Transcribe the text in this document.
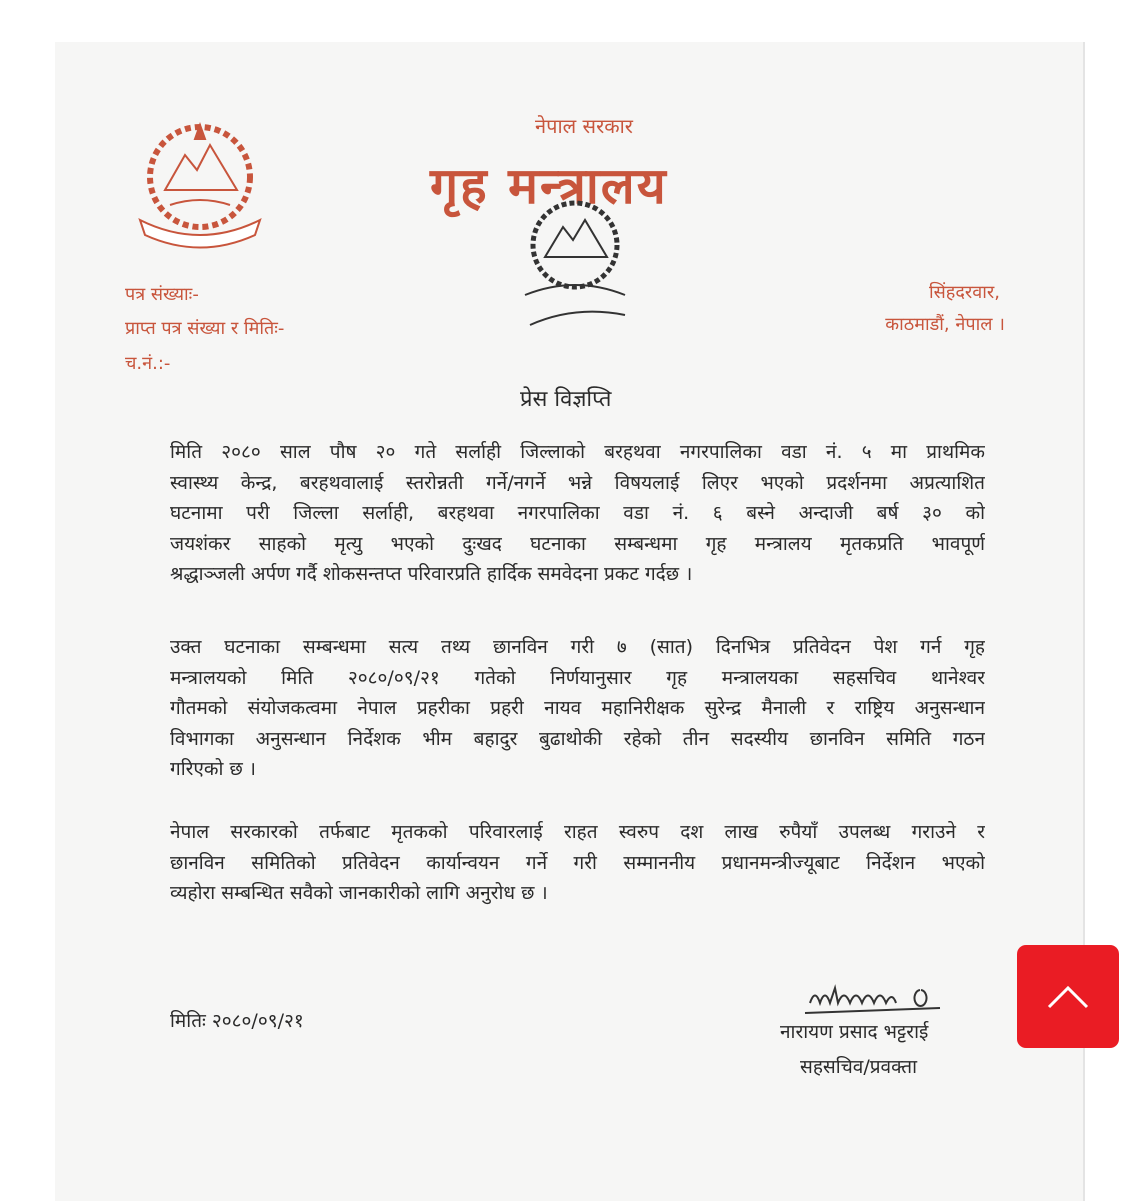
नेपाल सरकार
गृह मन्त्रालय
पत्र संख्याः-
प्राप्त पत्र संख्या र मितिः-
च.नं.:-
सिंहदरवार,
काठमाडौं, नेपाल ।
प्रेस विज्ञप्ति
मिति २०८० साल पौष २० गते सर्लाही जिल्लाको बरहथवा नगरपालिका वडा नं. ५ मा प्राथमिक
स्वास्थ्य केन्द्र, बरहथवालाई स्तरोन्नती गर्ने/नगर्ने भन्ने विषयलाई लिएर भएको प्रदर्शनमा अप्रत्याशित
घटनामा परी जिल्ला सर्लाही, बरहथवा नगरपालिका वडा नं. ६ बस्ने अन्दाजी बर्ष ३० को
जयशंकर साहको मृत्यु भएको दुःखद घटनाका सम्बन्धमा गृह मन्त्रालय मृतकप्रति भावपूर्ण
श्रद्धाञ्जली अर्पण गर्दै शोकसन्तप्त परिवारप्रति हार्दिक समवेदना प्रकट गर्दछ ।
उक्त घटनाका सम्बन्धमा सत्य तथ्य छानविन गरी ७ (सात) दिनभित्र प्रतिवेदन पेश गर्न गृह
मन्त्रालयको मिति २०८०/०९/२१ गतेको निर्णयानुसार गृह मन्त्रालयका सहसचिव थानेश्वर
गौतमको संयोजकत्वमा नेपाल प्रहरीका प्रहरी नायव महानिरीक्षक सुरेन्द्र मैनाली र राष्ट्रिय अनुसन्धान
विभागका अनुसन्धान निर्देशक भीम बहादुर बुढाथोकी रहेको तीन सदस्यीय छानविन समिति गठन
गरिएको छ ।
नेपाल सरकारको तर्फबाट मृतकको परिवारलाई राहत स्वरुप दश लाख रुपैयाँ उपलब्ध गराउने र
छानविन समितिको प्रतिवेदन कार्यान्वयन गर्ने गरी सम्माननीय प्रधानमन्त्रीज्यूबाट निर्देशन भएको
व्यहोरा सम्बन्धित सवैको जानकारीको लागि अनुरोध छ ।
मितिः २०८०/०९/२१	नारायण प्रसाद भट्टराई
सहसचिव/प्रवक्ता
